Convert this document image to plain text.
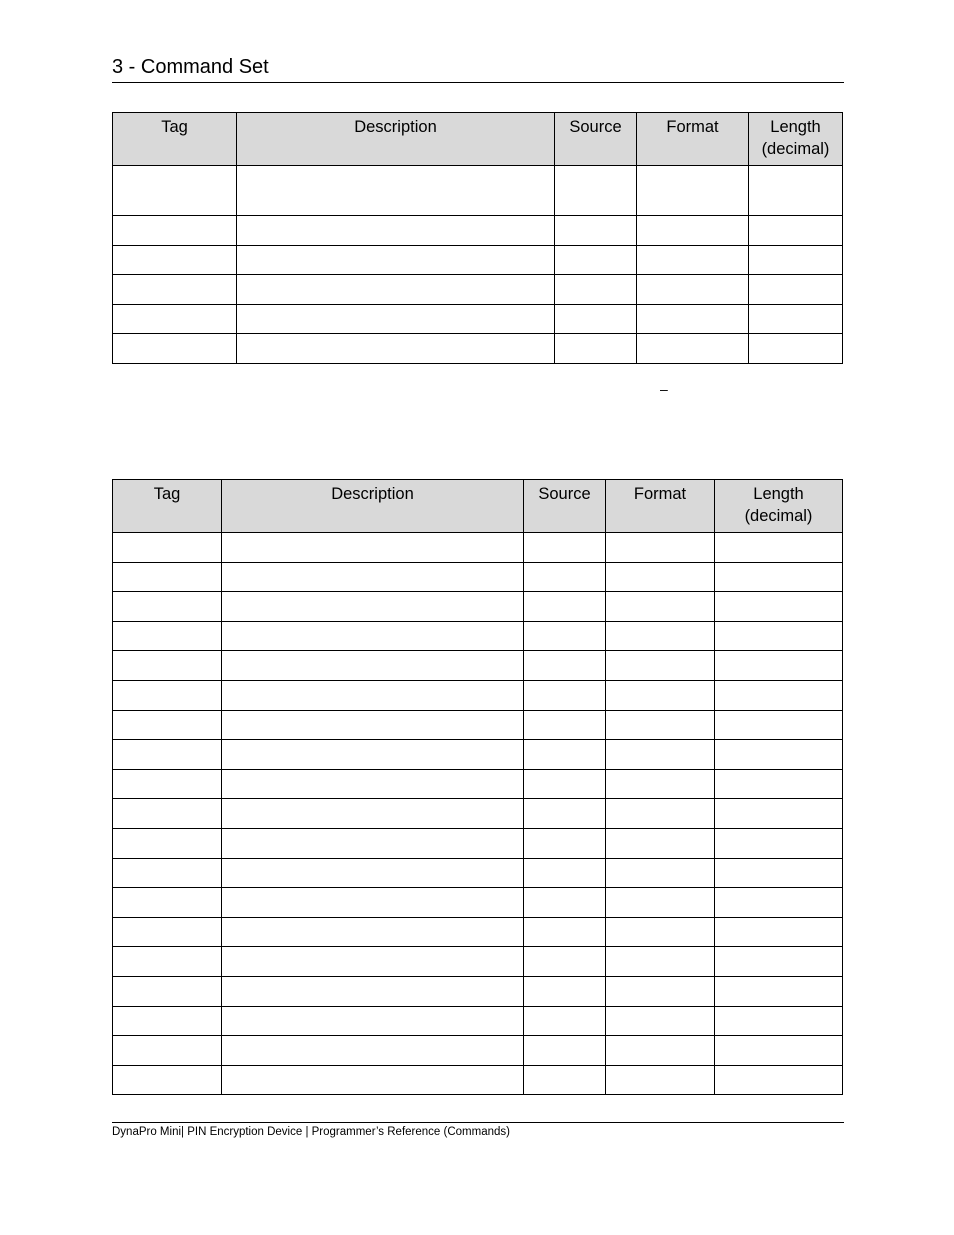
3 - Command Set
Tag	Description	Source	Format	Length
(decimal)

–
Tag	Description	Source	Format	Length
(decimal)

DynaPro Mini| PIN Encryption Device | Programmer’s Reference (Commands)
